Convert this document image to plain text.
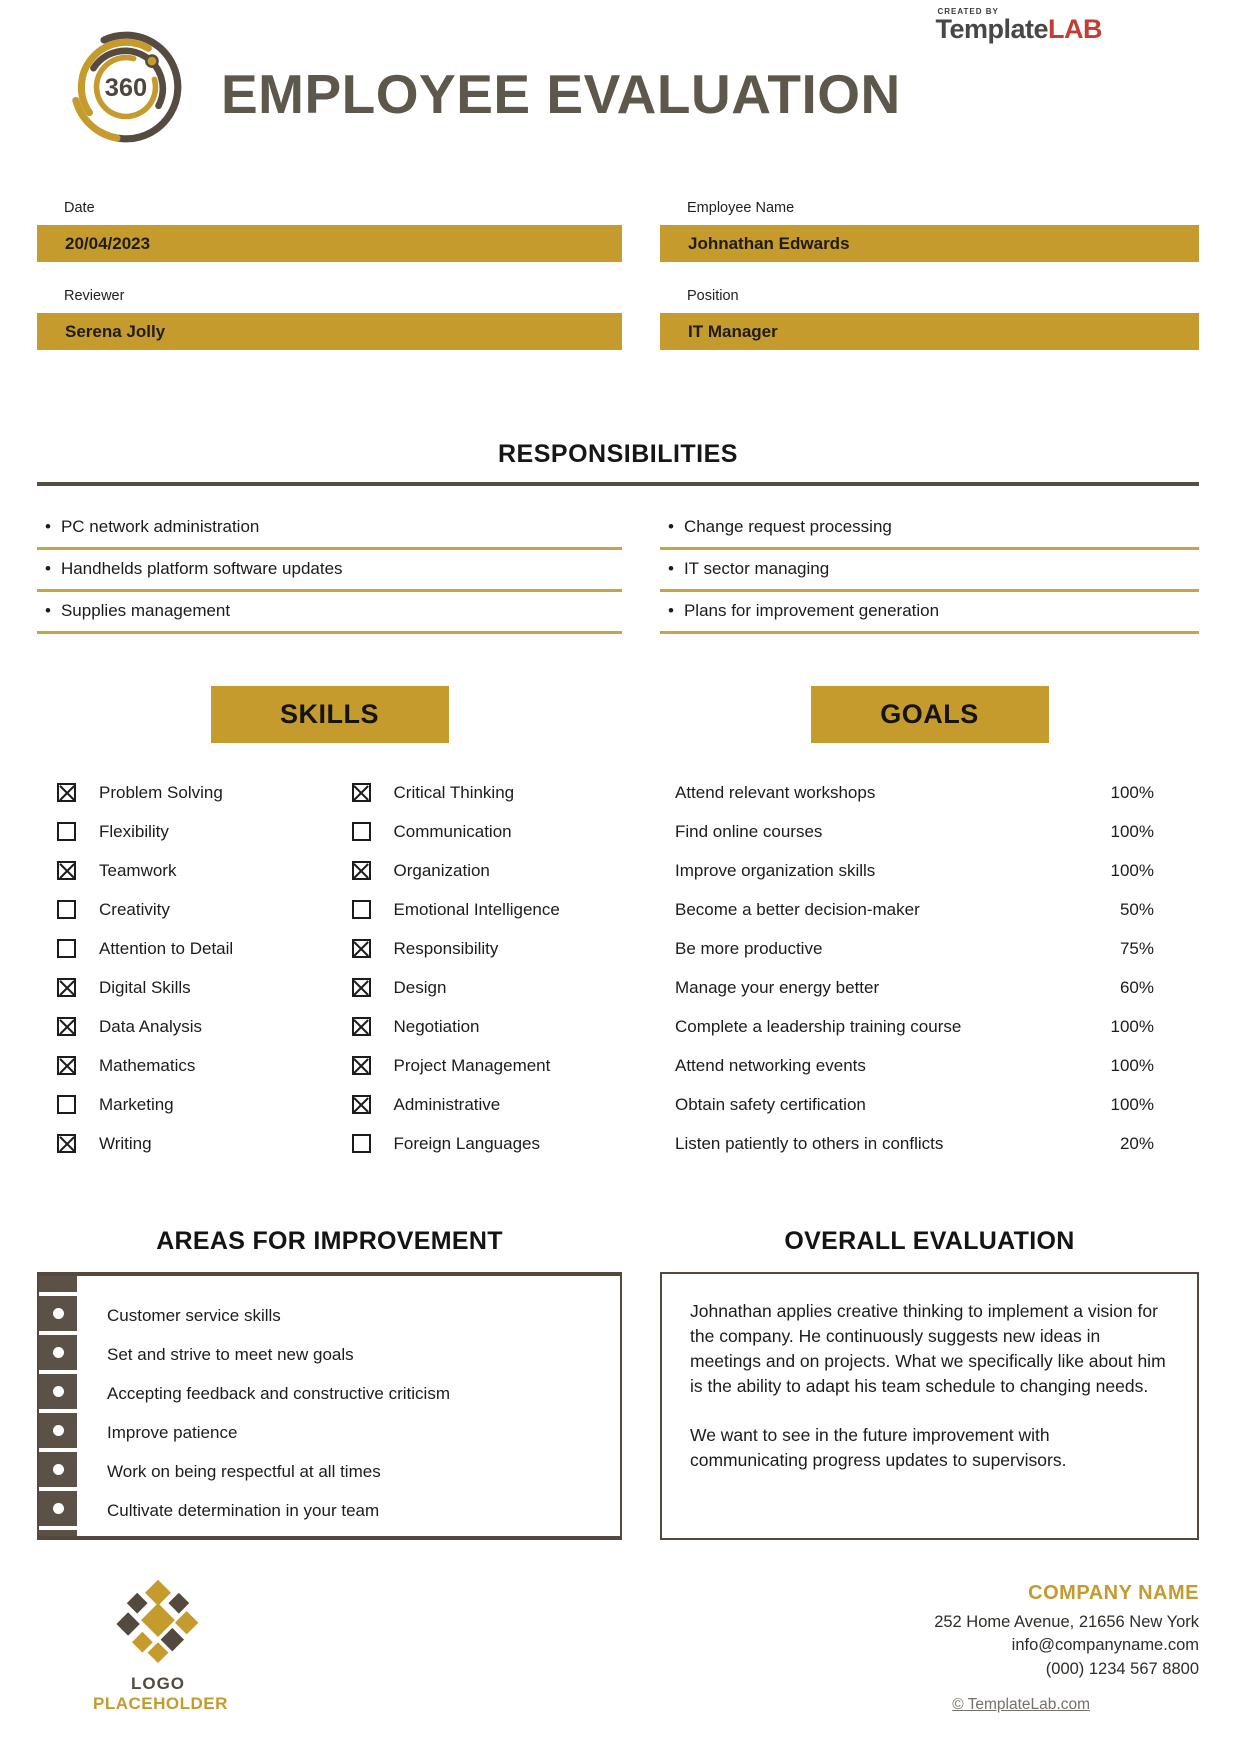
CREATED BY
TemplateLAB
360 EMPLOYEE EVALUATION
Date
20/04/2023
Reviewer
Serena Jolly
Employee Name
Johnathan Edwards
Position
IT Manager
RESPONSIBILITIES
• PC network administration
• Handhelds platform software updates
• Supplies management
• Change request processing
• IT sector managing
• Plans for improvement generation
SKILLS	GOALS
Problem Solving	Critical Thinking
Flexibility	Communication
Teamwork	Organization
Creativity	Emotional Intelligence
Attention to Detail	Responsibility
Digital Skills	Design
Data Analysis	Negotiation
Mathematics	Project Management
Marketing	Administrative
Writing	Foreign Languages
Attend relevant workshops	100%
Find online courses	100%
Improve organization skills	100%
Become a better decision-maker	50%
Be more productive	75%
Manage your energy better	60%
Complete a leadership training course	100%
Attend networking events	100%
Obtain safety certification	100%
Listen patiently to others in conflicts	20%
AREAS FOR IMPROVEMENT	OVERALL EVALUATION
Customer service skills
Set and strive to meet new goals
Accepting feedback and constructive criticism
Improve patience
Work on being respectful at all times
Cultivate determination in your team

Johnathan applies creative thinking to implement a vision for the company. He continuously suggests new ideas in meetings and on projects. What we specifically like about him is the ability to adapt his team schedule to changing needs.

We want to see in the future improvement with communicating progress updates to supervisors.

LOGO
PLACEHOLDER
COMPANY NAME
252 Home Avenue, 21656 New York
info@companyname.com
(000) 1234 567 8800
© TemplateLab.com
